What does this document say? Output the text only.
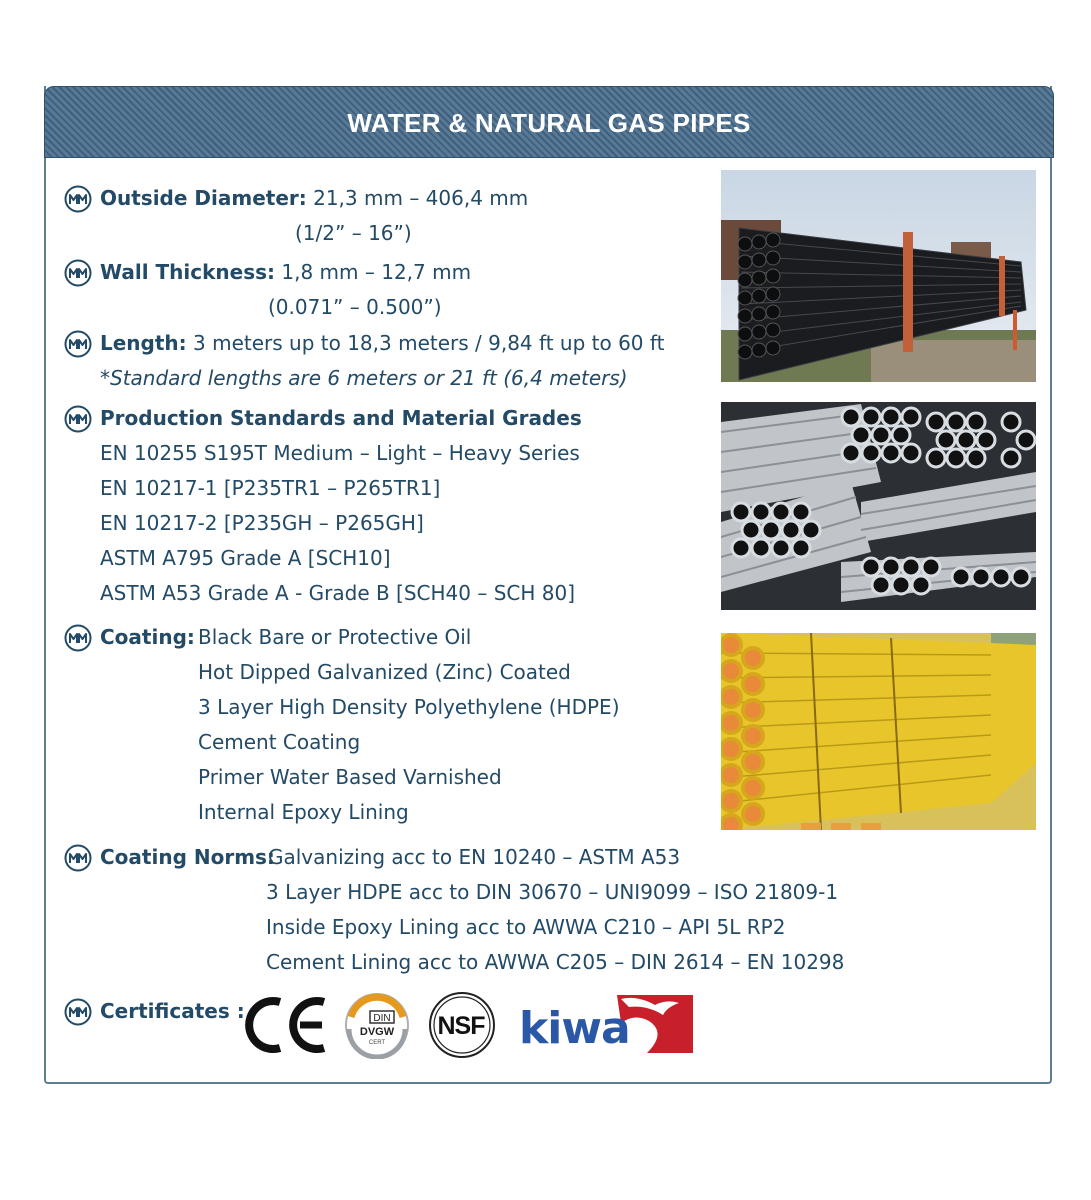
WATER & NATURAL GAS PIPES
Outside Diameter: 21,3 mm – 406,4 mm
(1/2” – 16”)
Wall Thickness: 1,8 mm – 12,7 mm
(0.071” – 0.500”)
Length: 3 meters up to 18,3 meters / 9,84 ft up to 60 ft
*Standard lengths are 6 meters or 21 ft (6,4 meters)
Production Standards and Material Grades
EN 10255 S195T Medium – Light – Heavy Series
EN 10217-1 [P235TR1 – P265TR1]
EN 10217-2 [P235GH – P265GH]
ASTM A795 Grade A [SCH10]
ASTM A53 Grade A - Grade B [SCH40 – SCH 80]
Coating: Black Bare or Protective Oil
Hot Dipped Galvanized (Zinc) Coated
3 Layer High Density Polyethylene (HDPE)
Cement Coating
Primer Water Based Varnished
Internal Epoxy Lining
Coating Norms:
Galvanizing acc to EN 10240 – ASTM A53
3 Layer HDPE acc to DIN 30670 – UNI9099 – ISO 21809-1
Inside Epoxy Lining acc to AWWA C210 – API 5L RP2
Cement Lining acc to AWWA C205 – DIN 2614 – EN 10298
Certificates :	DIN
DVGW
CERT
NSF kiwa
